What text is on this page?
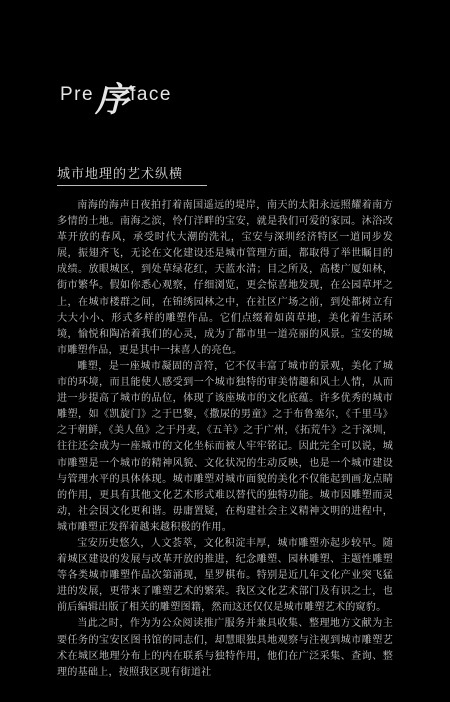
Pre 序 face
城市地理的艺术纵横

南海的海声日夜拍打着南国遥远的堤岸，南天的太阳永远照耀着南方多情的土地。南海之滨，怜仃洋畔的宝安，就是我们可爱的家园。沐浴改革开放的春风，承受时代大潮的洗礼，宝安与深圳经济特区一道同步发展，振翅齐飞，无论在文化建设还是城市管理方面，都取得了举世瞩目的成绩。放眼城区，到处草绿花红，天蓝水清；目之所及，高楼广厦如林，街市繁华。假如你悉心观察，仔细浏览，更会惊喜地发现，在公园草坪之上，在城市楼群之间，在锦绣园林之中，在社区广场之前，到处都树立有大大小小、形式多样的雕塑作品。它们点缀着如茵草地，美化着生活环境，愉悦和陶冶着我们的心灵，成为了都市里一道亮丽的风景。宝安的城市雕塑作品，更是其中一抹喜人的亮色。

雕塑，是一座城市凝固的音符，它不仅丰富了城市的景观，美化了城市的环境，而且能使人感受到一个城市独特的审美情趣和风土人情，从而进一步提高了城市的品位，体现了该座城市的文化底蕴。许多优秀的城市雕塑，如《凯旋门》之于巴黎，《撒尿的男童》之于布鲁塞尔，《千里马》之于朝鲜，《美人鱼》之于丹麦，《五羊》之于广州，《拓荒牛》之于深圳，往往还会成为一座城市的文化坐标而被人牢牢铭记。因此完全可以说，城市雕塑是一个城市的精神风貌、文化状况的生动反映，也是一个城市建设与管理水平的具体体现。城市雕塑对城市面貌的美化不仅能起到画龙点睛的作用，更具有其他文化艺术形式难以替代的独特功能。城市因雕塑而灵动，社会因文化更和谐。毋庸置疑，在构建社会主义精神文明的进程中，城市雕塑正发挥着越来越积极的作用。

宝安历史悠久，人文荟萃，文化积淀丰厚，城市雕塑亦起步较早。随着城区建设的发展与改革开放的推进，纪念雕塑、园林雕塑、主题性雕塑等各类城市雕塑作品次第涌现，星罗棋布。特别是近几年文化产业突飞猛进的发展，更带来了雕塑艺术的繁荣。我区文化艺术部门及有识之士，也前后编辑出版了相关的雕塑图籍，然而这还仅仅是城市雕塑艺术的窥豹。

当此之时，作为为公众阅读推广服务并兼具收集、整理地方文献为主要任务的宝安区图书馆的同志们，却慧眼独具地观察与注视到城市雕塑艺术在城区地理分布上的内在联系与独特作用，他们在广泛采集、查询、整理的基础上，按照我区现有街道社
